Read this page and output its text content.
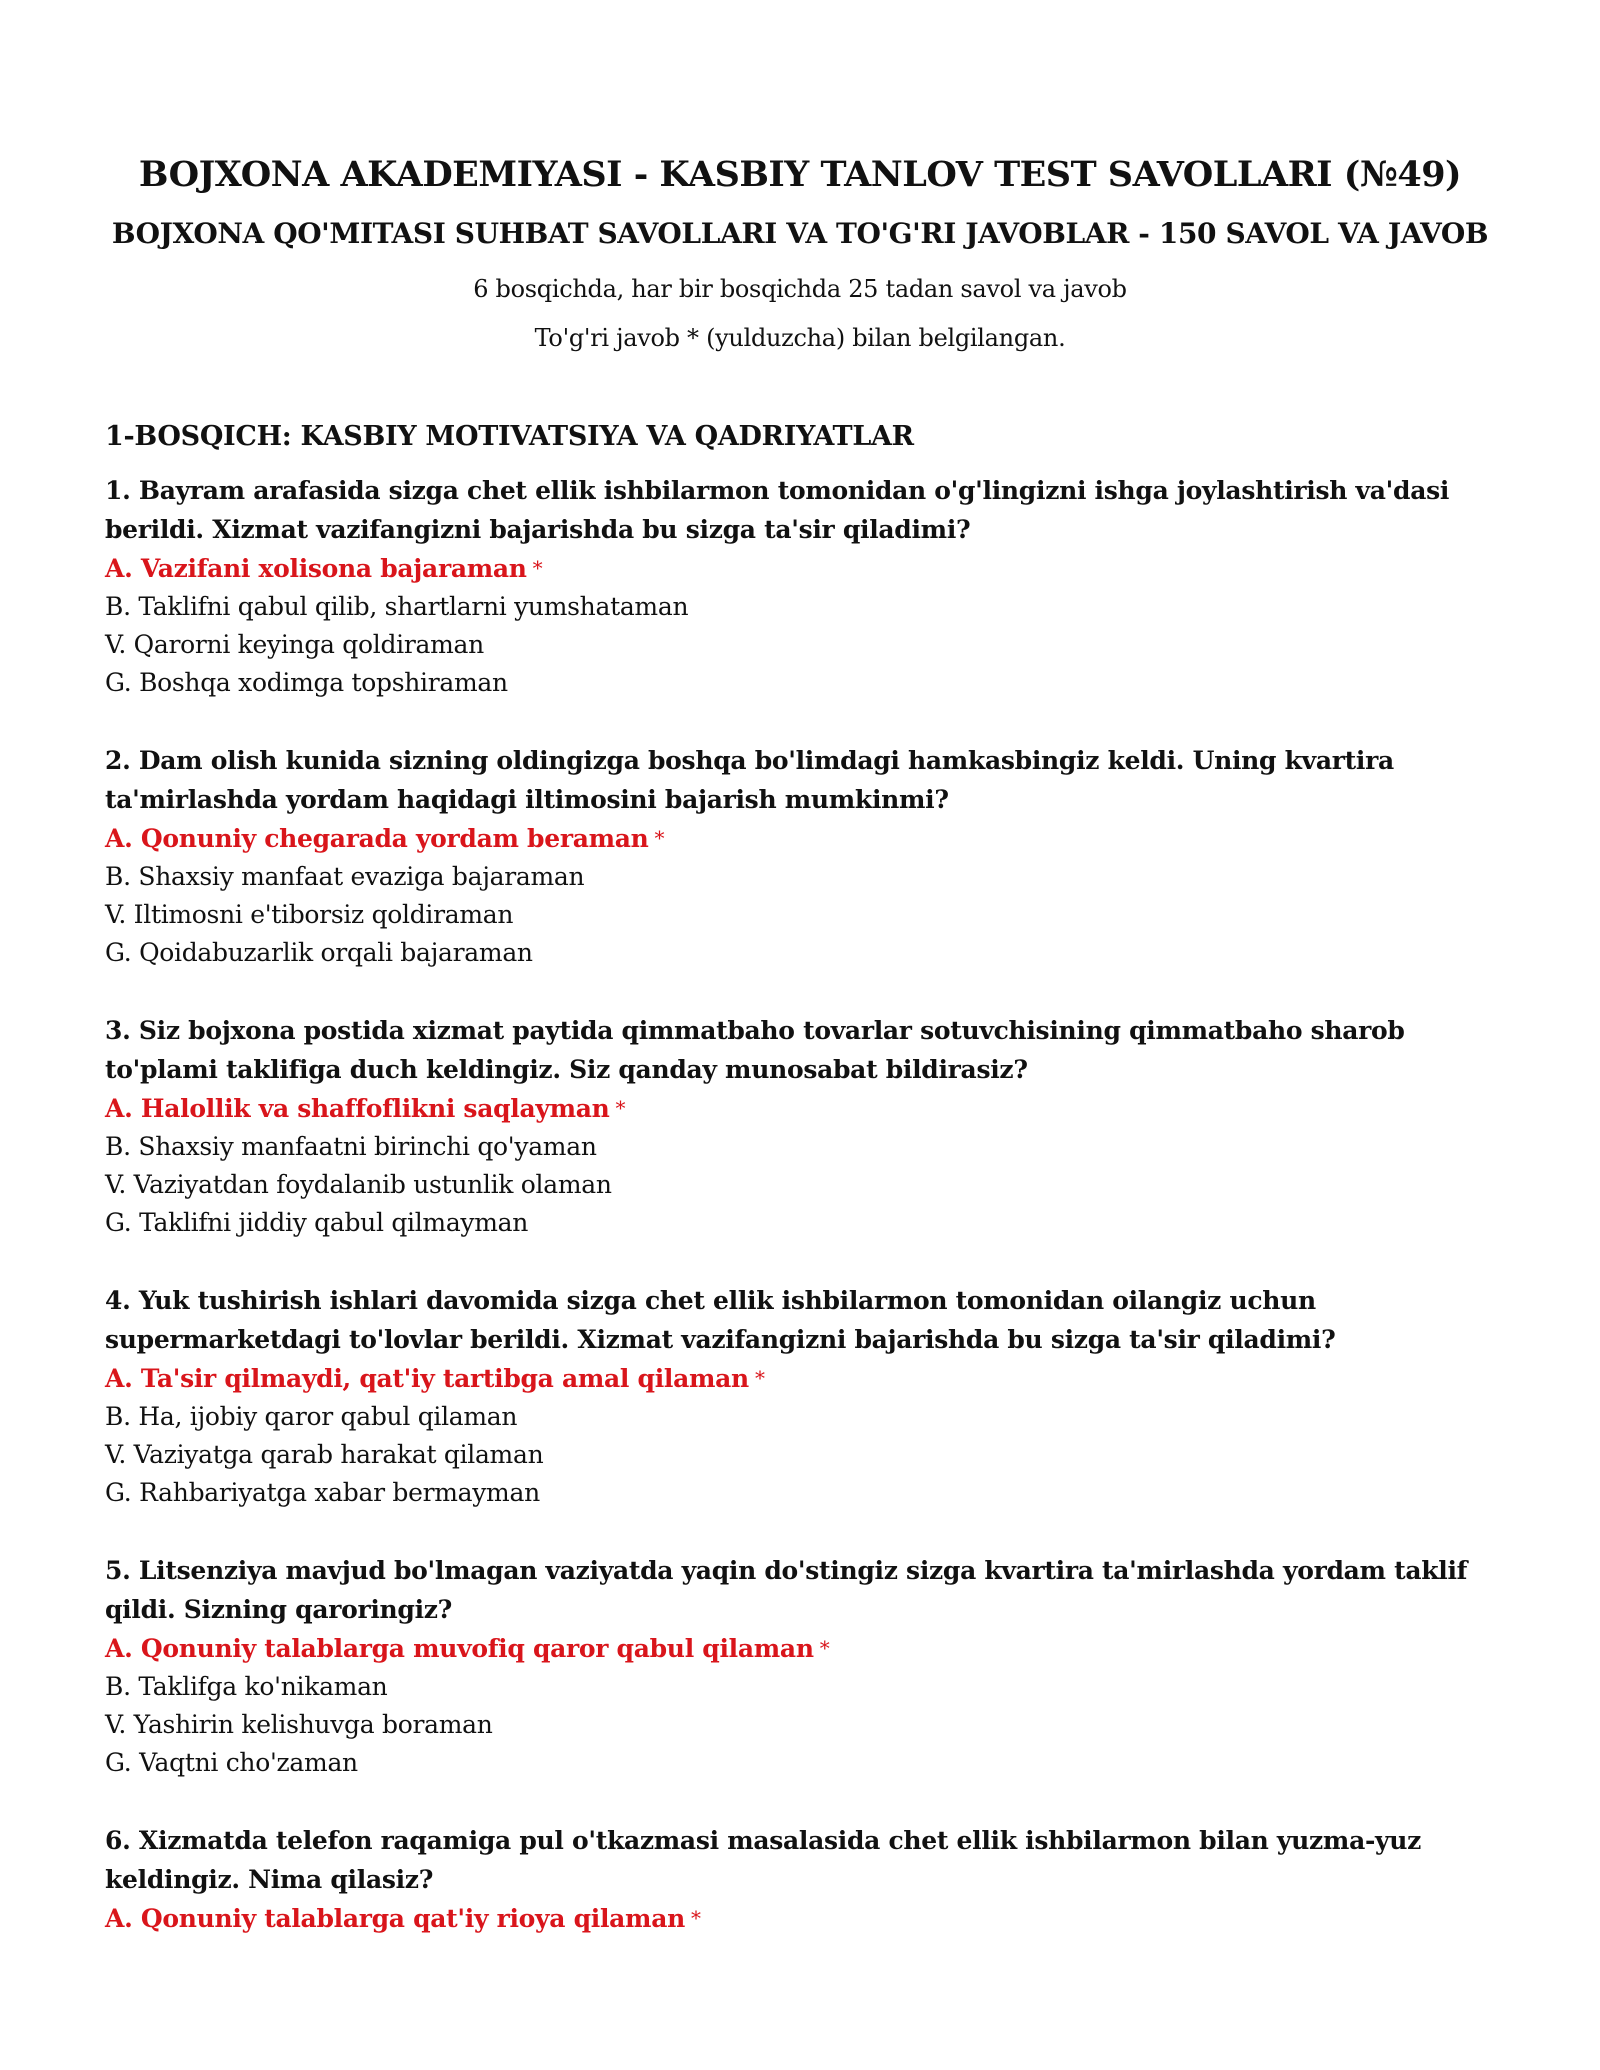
BOJXONA AKADEMIYASI - KASBIY TANLOV TEST SAVOLLARI (№49)
BOJXONA QO'MITASI SUHBAT SAVOLLARI VA TO'G'RI JAVOBLAR - 150 SAVOL VA JAVOB
6 bosqichda, har bir bosqichda 25 tadan savol va javob
To'g'ri javob * (yulduzcha) bilan belgilangan.
1-BOSQICH: KASBIY MOTIVATSIYA VA QADRIYATLAR
1. Bayram arafasida sizga chet ellik ishbilarmon tomonidan o'g'lingizni ishga joylashtirish va'dasi berildi. Xizmat vazifangizni bajarishda bu sizga ta'sir qiladimi?
A. Vazifani xolisona bajaraman *
B. Taklifni qabul qilib, shartlarni yumshataman
V. Qarorni keyinga qoldiraman
G. Boshqa xodimga topshiraman
2. Dam olish kunida sizning oldingizga boshqa bo'limdagi hamkasbingiz keldi. Uning kvartira ta'mirlashda yordam haqidagi iltimosini bajarish mumkinmi?
A. Qonuniy chegarada yordam beraman *
B. Shaxsiy manfaat evaziga bajaraman
V. Iltimosni e'tiborsiz qoldiraman
G. Qoidabuzarlik orqali bajaraman
3. Siz bojxona postida xizmat paytida qimmatbaho tovarlar sotuvchisining qimmatbaho sharob to'plami taklifiga duch keldingiz. Siz qanday munosabat bildirasiz?
A. Halollik va shaffoflikni saqlayman *
B. Shaxsiy manfaatni birinchi qo'yaman
V. Vaziyatdan foydalanib ustunlik olaman
G. Taklifni jiddiy qabul qilmayman
4. Yuk tushirish ishlari davomida sizga chet ellik ishbilarmon tomonidan oilangiz uchun supermarketdagi to'lovlar berildi. Xizmat vazifangizni bajarishda bu sizga ta'sir qiladimi?
A. Ta'sir qilmaydi, qat'iy tartibga amal qilaman *
B. Ha, ijobiy qaror qabul qilaman
V. Vaziyatga qarab harakat qilaman
G. Rahbariyatga xabar bermayman
5. Litsenziya mavjud bo'lmagan vaziyatda yaqin do'stingiz sizga kvartira ta'mirlashda yordam taklif qildi. Sizning qaroringiz?
A. Qonuniy talablarga muvofiq qaror qabul qilaman *
B. Taklifga ko'nikaman
V. Yashirin kelishuvga boraman
G. Vaqtni cho'zaman
6. Xizmatda telefon raqamiga pul o'tkazmasi masalasida chet ellik ishbilarmon bilan yuzma-yuz keldingiz. Nima qilasiz?
A. Qonuniy talablarga qat'iy rioya qilaman *
